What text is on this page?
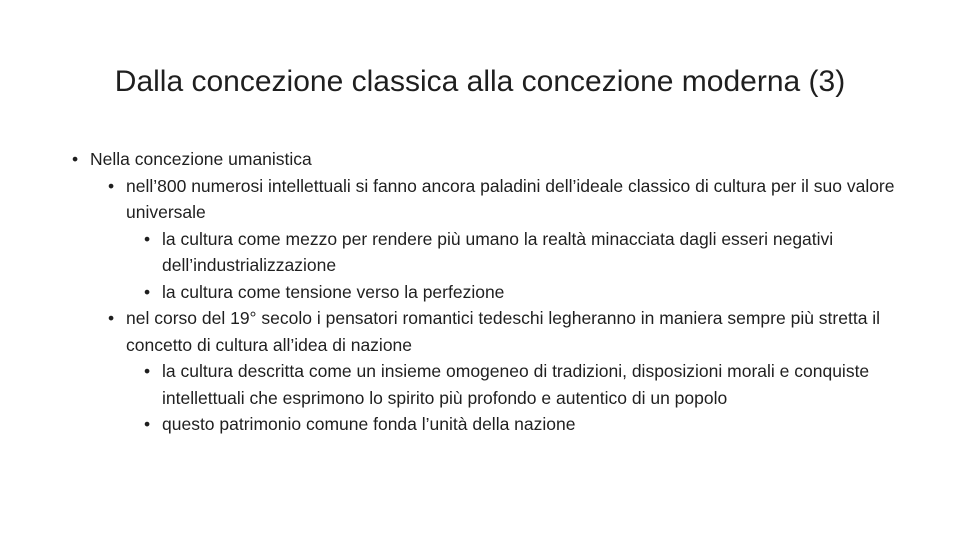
Dalla concezione classica alla concezione moderna (3)
• Nella concezione umanistica
• nell’800 numerosi intellettuali si fanno ancora paladini dell’ideale classico di cultura per il suo valore universale
• la cultura come mezzo per rendere più umano la realtà minacciata dagli esseri negativi dell’industrializzazione
• la cultura come tensione verso la perfezione
• nel corso del 19° secolo i pensatori romantici tedeschi legheranno in maniera sempre più stretta il concetto di cultura all’idea di nazione
• la cultura descritta come un insieme omogeneo di tradizioni, disposizioni morali e conquiste intellettuali che esprimono lo spirito più profondo e autentico di un popolo
• questo patrimonio comune fonda l’unità della nazione
